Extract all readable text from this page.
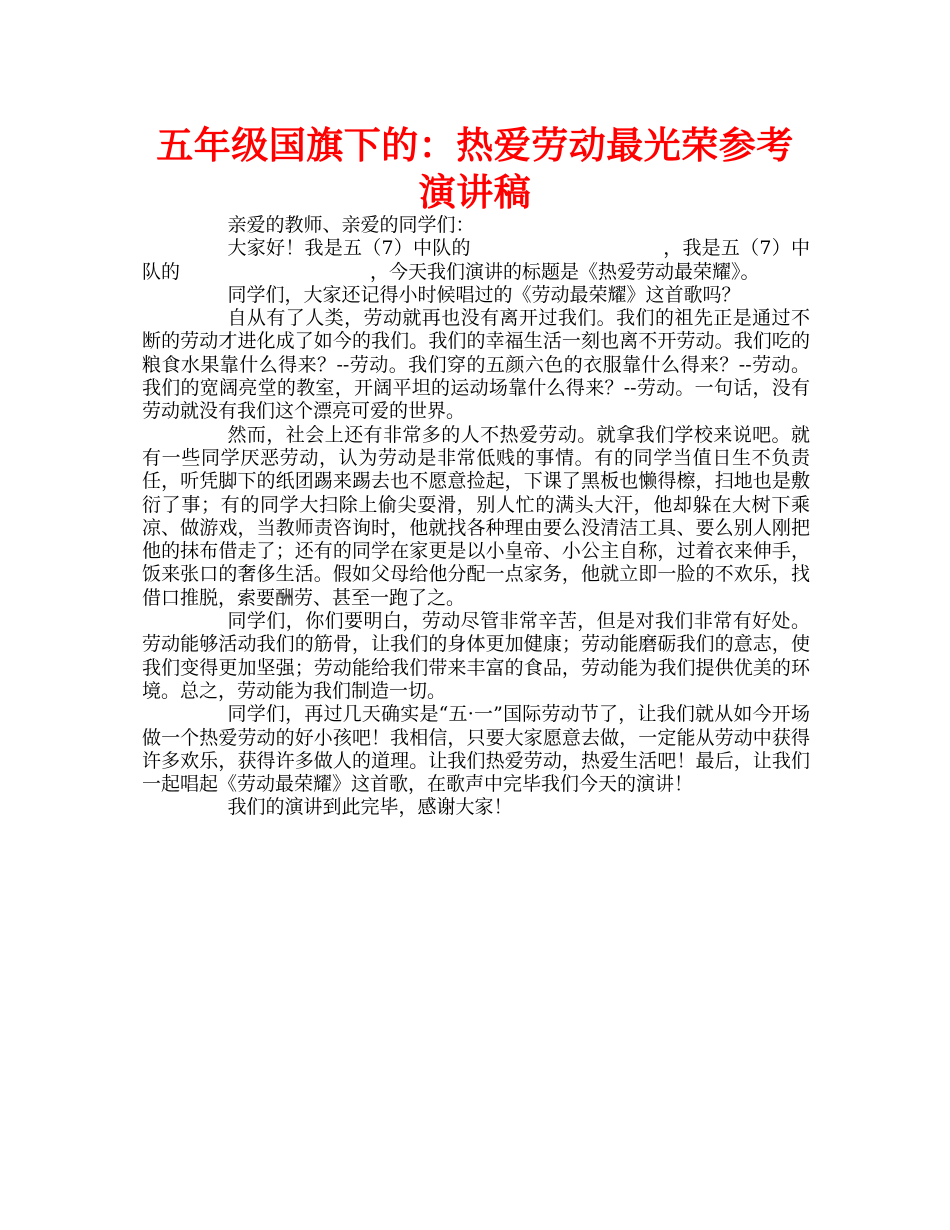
五年级国旗下的：热爱劳动最光荣参考演讲稿

亲爱的教师、亲爱的同学们：

大家好！我是五（7）中队的　　　　　　　　　　，我是五（7）中队的　　　　　　　　　　，今天我们演讲的标题是《热爱劳动最荣耀》。

同学们，大家还记得小时候唱过的《劳动最荣耀》这首歌吗？

自从有了人类，劳动就再也没有离开过我们。我们的祖先正是通过不断的劳动才进化成了如今的我们。我们的幸福生活一刻也离不开劳动。我们吃的粮食水果靠什么得来？--劳动。我们穿的五颜六色的衣服靠什么得来？--劳动。我们的宽阔亮堂的教室，开阔平坦的运动场靠什么得来？--劳动。一句话，没有劳动就没有我们这个漂亮可爱的世界。

然而，社会上还有非常多的人不热爱劳动。就拿我们学校来说吧。就有一些同学厌恶劳动，认为劳动是非常低贱的事情。有的同学当值日生不负责任，听凭脚下的纸团踢来踢去也不愿意捡起，下课了黑板也懒得檫，扫地也是敷衍了事；有的同学大扫除上偷尖耍滑，别人忙的满头大汗，他却躲在大树下乘凉、做游戏，当教师责咨询时，他就找各种理由要么没清洁工具、要么别人刚把他的抹布借走了；还有的同学在家更是以小皇帝、小公主自称，过着衣来伸手，饭来张口的奢侈生活。假如父母给他分配一点家务，他就立即一脸的不欢乐，找借口推脱，索要酬劳、甚至一跑了之。

同学们，你们要明白，劳动尽管非常辛苦，但是对我们非常有好处。劳动能够活动我们的筋骨，让我们的身体更加健康；劳动能磨砺我们的意志，使我们变得更加坚强；劳动能给我们带来丰富的食品，劳动能为我们提供优美的环境。总之，劳动能为我们制造一切。

同学们，再过几天确实是“五·一”国际劳动节了，让我们就从如今开场做一个热爱劳动的好小孩吧！我相信，只要大家愿意去做，一定能从劳动中获得许多欢乐，获得许多做人的道理。让我们热爱劳动，热爱生活吧！最后，让我们一起唱起《劳动最荣耀》这首歌，在歌声中完毕我们今天的演讲！

我们的演讲到此完毕，感谢大家！
